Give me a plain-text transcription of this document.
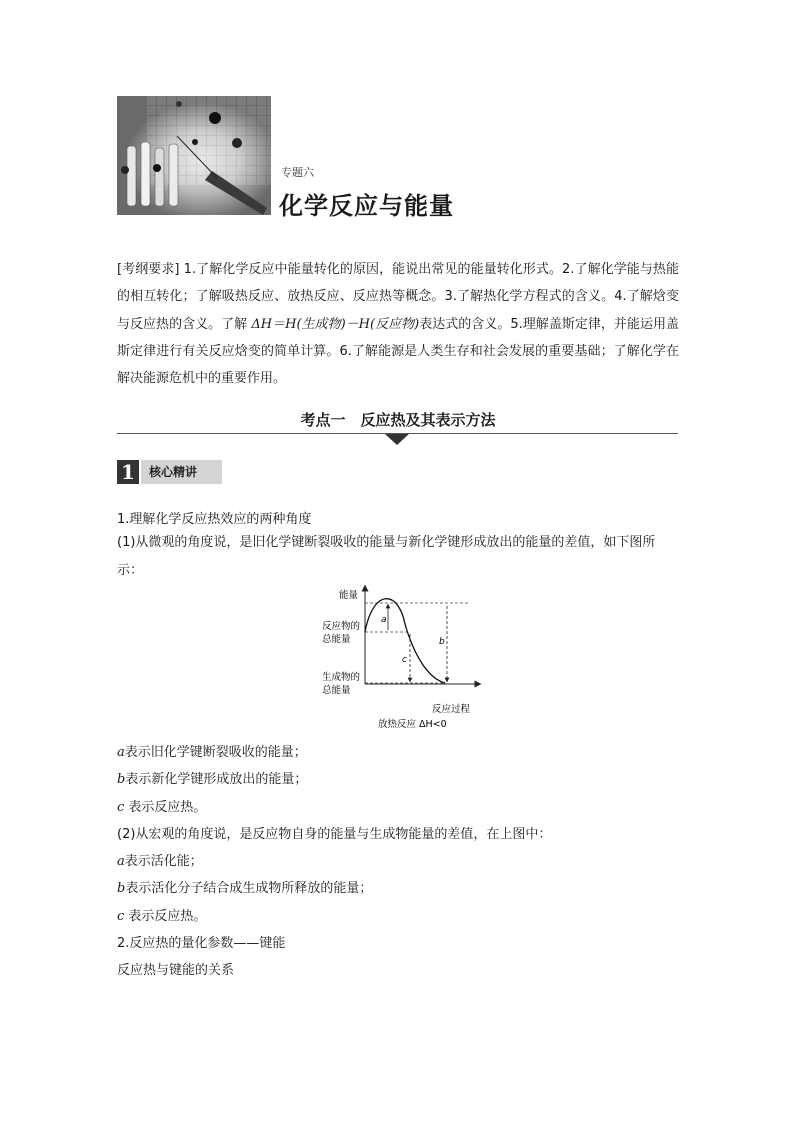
专题六
化学反应与能量

[考纲要求] 1.了解化学反应中能量转化的原因，能说出常见的能量转化形式。2.了解化学能与热能的相互转化；了解吸热反应、放热反应、反应热等概念。3.了解热化学方程式的含义。4.了解焓变与反应热的含义。了解 ΔH＝H(生成物)－H(反应物)表达式的含义。5.理解盖斯定律，并能运用盖斯定律进行有关反应焓变的简单计算。6.了解能源是人类生存和社会发展的重要基础；了解化学在解决能源危机中的重要作用。

考点一　反应热及其表示方法
1	核心精讲
1.理解化学反应热效应的两种角度

(1)从微观的角度说，是旧化学键断裂吸收的能量与新化学键形成放出的能量的差值，如下图所示：

a
c
b
能量
反应物的
总能量
生成物的
总能量
反应过程
放热反应 ΔH<0
a表示旧化学键断裂吸收的能量；
b表示新化学键形成放出的能量；
c 表示反应热。
(2)从宏观的角度说，是反应物自身的能量与生成物能量的差值，在上图中：
a表示活化能；
b表示活化分子结合成生成物所释放的能量；
c 表示反应热。
2.反应热的量化参数——键能
反应热与键能的关系
